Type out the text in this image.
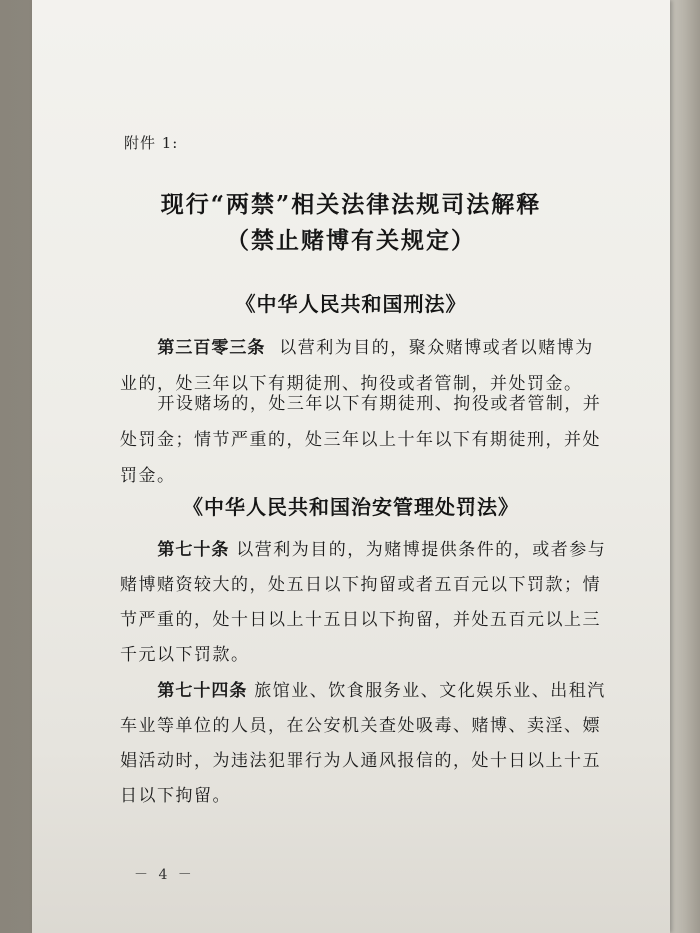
附件 1:
现行“两禁”相关法律法规司法解释
（禁止赌博有关规定）
《中华人民共和国刑法》
第三百零三条 以营利为目的，聚众赌博或者以赌博为业的，处三年以下有期徒刑、拘役或者管制，并处罚金。
开设赌场的，处三年以下有期徒刑、拘役或者管制，并处罚金；情节严重的，处三年以上十年以下有期徒刑，并处罚金。
《中华人民共和国治安管理处罚法》
第七十条 以营利为目的，为赌博提供条件的，或者参与赌博赌资较大的，处五日以下拘留或者五百元以下罚款；情节严重的，处十日以上十五日以下拘留，并处五百元以上三千元以下罚款。
第七十四条 旅馆业、饮食服务业、文化娱乐业、出租汽车业等单位的人员，在公安机关查处吸毒、赌博、卖淫、嫖娼活动时，为违法犯罪行为人通风报信的，处十日以上十五日以下拘留。
－ 4 －
